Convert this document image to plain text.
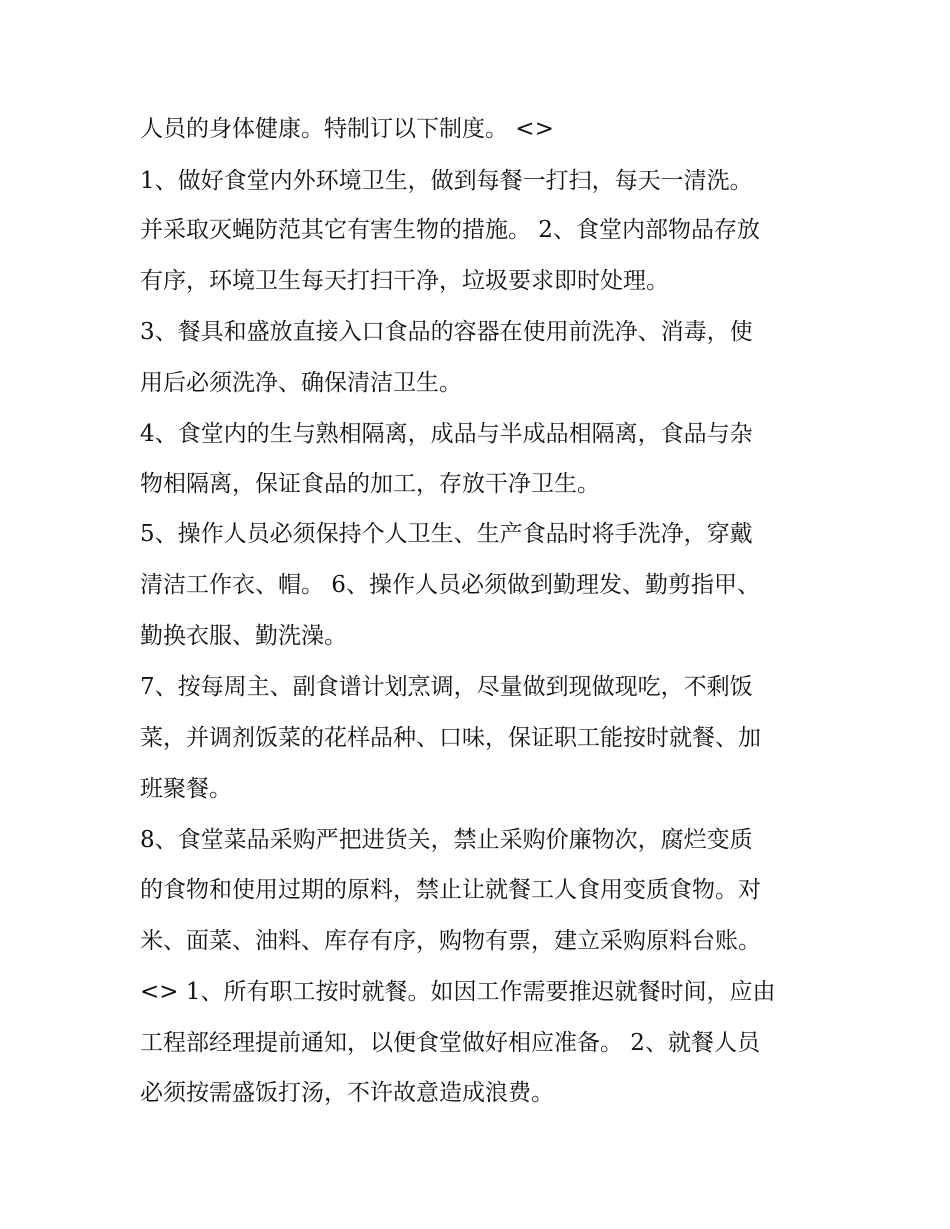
人员的身体健康。特制订以下制度。 <>

1、做好食堂内外环境卫生，做到每餐一打扫，每天一清洗。

并采取灭蝇防范其它有害生物的措施。 2、食堂内部物品存放

有序，环境卫生每天打扫干净，垃圾要求即时处理。

3、餐具和盛放直接入口食品的容器在使用前洗净、消毒，使

用后必须洗净、确保清洁卫生。

4、食堂内的生与熟相隔离，成品与半成品相隔离，食品与杂

物相隔离，保证食品的加工，存放干净卫生。

5、操作人员必须保持个人卫生、生产食品时将手洗净，穿戴

清洁工作衣、帽。 6、操作人员必须做到勤理发、勤剪指甲、

勤换衣服、勤洗澡。

7、按每周主、副食谱计划烹调，尽量做到现做现吃，不剩饭

菜，并调剂饭菜的花样品种、口味，保证职工能按时就餐、加

班聚餐。

8、食堂菜品采购严把进货关，禁止采购价廉物次，腐烂变质

的食物和使用过期的原料，禁止让就餐工人食用变质食物。对

米、面菜、油料、库存有序，购物有票，建立采购原料台账。

<> 1、所有职工按时就餐。如因工作需要推迟就餐时间，应由

工程部经理提前通知，以便食堂做好相应准备。 2、就餐人员

必须按需盛饭打汤，不许故意造成浪费。
